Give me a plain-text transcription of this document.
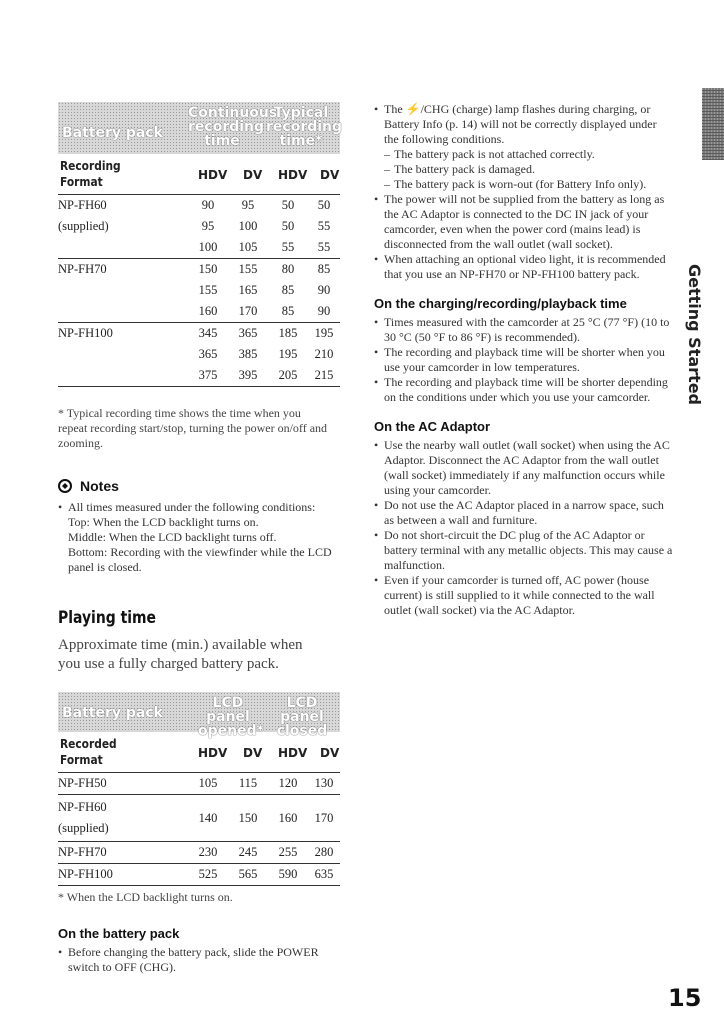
Battery pack
Continuous recording time
Typical recording time*
Recording Format	HDV DV HDV DV
NP-FH60	90	95	50	50
(supplied)	95	100	50	55
	100	105	55	55
NP-FH70	150	155	80	85
	155	165	85	90
	160	170	85	90
NP-FH100	345	365	185	195
	365	385	195	210
	375	395	205	215

* Typical recording time shows the time when you repeat recording start/stop, turning the power on/off and zooming.

Notes
• All times measured under the following conditions:
Top: When the LCD backlight turns on.
Middle: When the LCD backlight turns off.
Bottom: Recording with the viewfinder while the LCD panel is closed.
Playing time

Approximate time (min.) available when you use a fully charged battery pack.

Battery pack
LCD panel opened*
LCD panel closed
Recorded Format	HDV DV HDV DV
NP-FH50	105	115	120	130
NP-FH60
(supplied)	140	150	160	170
NP-FH70	230	245	255	280
NP-FH100	525	565	590	635

* When the LCD backlight turns on.

On the battery pack
• Before changing the battery pack, slide the POWER switch to OFF (CHG).
• The ⚡/CHG (charge) lamp flashes during charging, or Battery Info (p. 14) will not be correctly displayed under the following conditions.
– The battery pack is not attached correctly.
– The battery pack is damaged.
– The battery pack is worn-out (for Battery Info only).
• The power will not be supplied from the battery as long as the AC Adaptor is connected to the DC IN jack of your camcorder, even when the power cord (mains lead) is disconnected from the wall outlet (wall socket).
• When attaching an optional video light, it is recommended that you use an NP-FH70 or NP-FH100 battery pack.
On the charging/recording/playback time
• Times measured with the camcorder at 25 °C (77 °F) (10 to 30 °C (50 °F to 86 °F) is recommended).
• The recording and playback time will be shorter when you use your camcorder in low temperatures.
• The recording and playback time will be shorter depending on the conditions under which you use your camcorder.
On the AC Adaptor
• Use the nearby wall outlet (wall socket) when using the AC Adaptor. Disconnect the AC Adaptor from the wall outlet (wall socket) immediately if any malfunction occurs while using your camcorder.
• Do not use the AC Adaptor placed in a narrow space, such as between a wall and furniture.
• Do not short-circuit the DC plug of the AC Adaptor or battery terminal with any metallic objects. This may cause a malfunction.
• Even if your camcorder is turned off, AC power (house current) is still supplied to it while connected to the wall outlet (wall socket) via the AC Adaptor.
Getting Started
15
